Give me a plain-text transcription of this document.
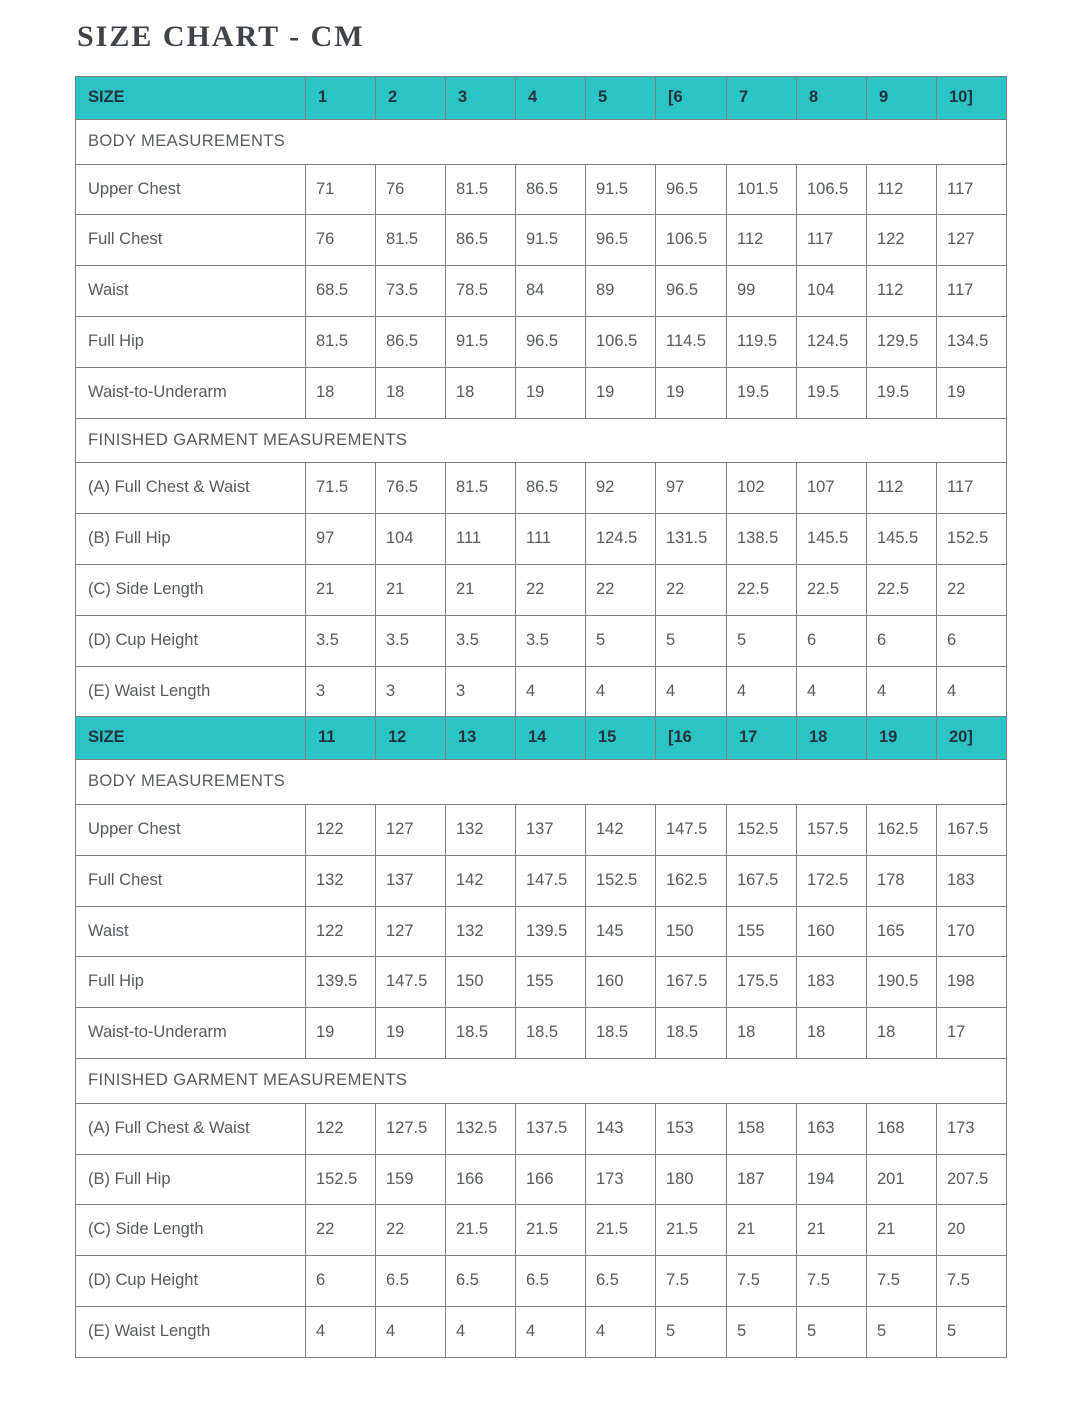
SIZE CHART - CM
SIZE	1	2	3	4	5	[6	7	8	9	10]
BODY MEASUREMENTS										
Upper Chest	71	76	81.5	86.5	91.5	96.5	101.5	106.5	112	117
Full Chest	76	81.5	86.5	91.5	96.5	106.5	112	117	122	127
Waist	68.5	73.5	78.5	84	89	96.5	99	104	112	117
Full Hip	81.5	86.5	91.5	96.5	106.5	114.5	119.5	124.5	129.5	134.5
Waist-to-Underarm	18	18	18	19	19	19	19.5	19.5	19.5	19
FINISHED GARMENT MEASUREMENTS										
(A) Full Chest & Waist	71.5	76.5	81.5	86.5	92	97	102	107	112	117
(B) Full Hip	97	104	111	111	124.5	131.5	138.5	145.5	145.5	152.5
(C) Side Length	21	21	21	22	22	22	22.5	22.5	22.5	22
(D) Cup Height	3.5	3.5	3.5	3.5	5	5	5	6	6	6
(E) Waist Length	3	3	3	4	4	4	4	4	4	4
SIZE	11	12	13	14	15	[16	17	18	19	20]
BODY MEASUREMENTS										
Upper Chest	122	127	132	137	142	147.5	152.5	157.5	162.5	167.5
Full Chest	132	137	142	147.5	152.5	162.5	167.5	172.5	178	183
Waist	122	127	132	139.5	145	150	155	160	165	170
Full Hip	139.5	147.5	150	155	160	167.5	175.5	183	190.5	198
Waist-to-Underarm	19	19	18.5	18.5	18.5	18.5	18	18	18	17
FINISHED GARMENT MEASUREMENTS										
(A) Full Chest & Waist	122	127.5	132.5	137.5	143	153	158	163	168	173
(B) Full Hip	152.5	159	166	166	173	180	187	194	201	207.5
(C) Side Length	22	22	21.5	21.5	21.5	21.5	21	21	21	20
(D) Cup Height	6	6.5	6.5	6.5	6.5	7.5	7.5	7.5	7.5	7.5
(E) Waist Length	4	4	4	4	4	5	5	5	5	5
